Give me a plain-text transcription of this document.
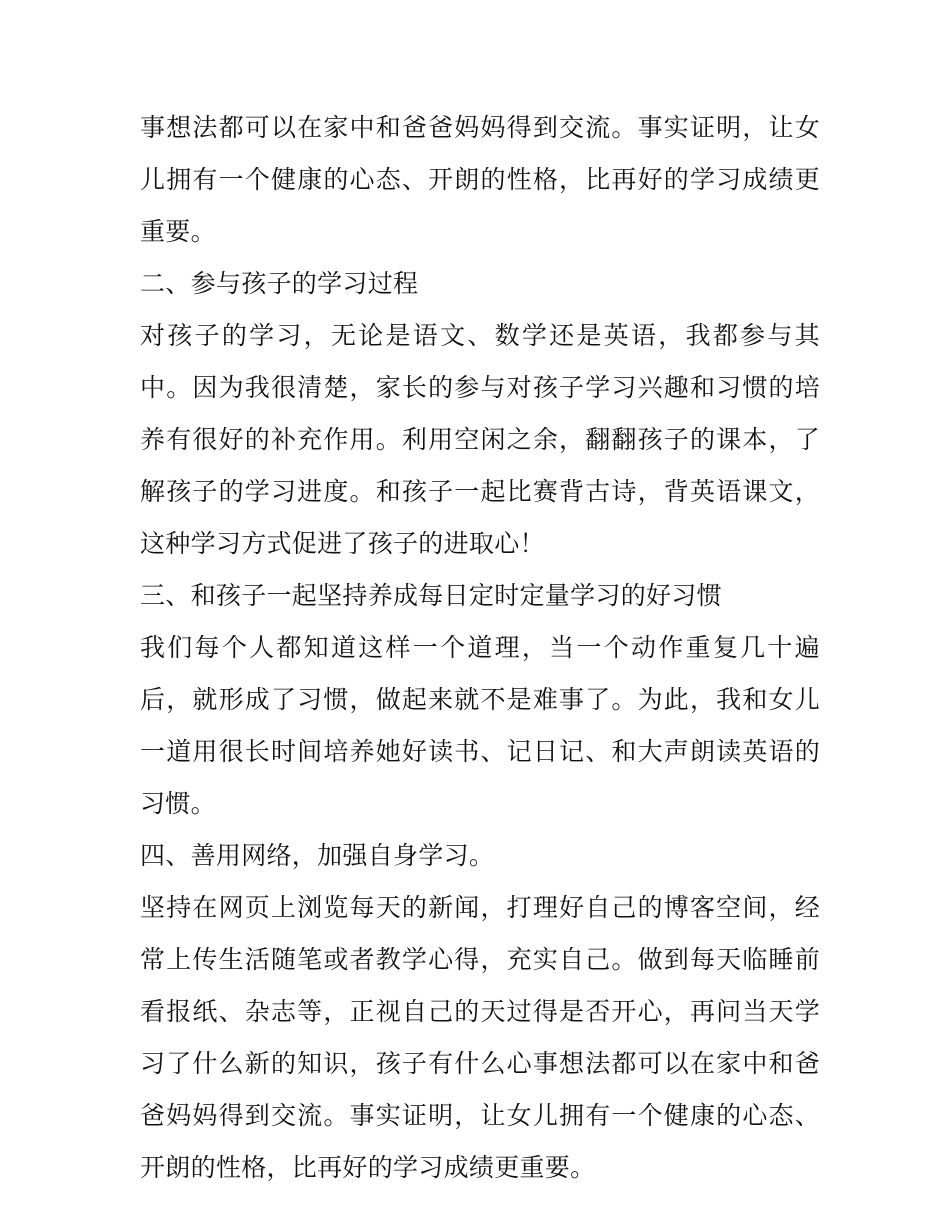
事想法都可以在家中和爸爸妈妈得到交流。事实证明，让女儿拥有一个健康的心态、开朗的性格，比再好的学习成绩更重要。

二、参与孩子的学习过程

对孩子的学习，无论是语文、数学还是英语，我都参与其中。因为我很清楚，家长的参与对孩子学习兴趣和习惯的培养有很好的补充作用。利用空闲之余，翻翻孩子的课本，了解孩子的学习进度。和孩子一起比赛背古诗，背英语课文，这种学习方式促进了孩子的进取心！

三、和孩子一起坚持养成每日定时定量学习的好习惯

我们每个人都知道这样一个道理，当一个动作重复几十遍后，就形成了习惯，做起来就不是难事了。为此，我和女儿一道用很长时间培养她好读书、记日记、和大声朗读英语的习惯。

四、善用网络，加强自身学习。

坚持在网页上浏览每天的新闻，打理好自己的博客空间，经常上传生活随笔或者教学心得，充实自己。做到每天临睡前看报纸、杂志等，正视自己的天过得是否开心，再问当天学习了什么新的知识，孩子有什么心事想法都可以在家中和爸爸妈妈得到交流。事实证明，让女儿拥有一个健康的心态、开朗的性格，比再好的学习成绩更重要。
